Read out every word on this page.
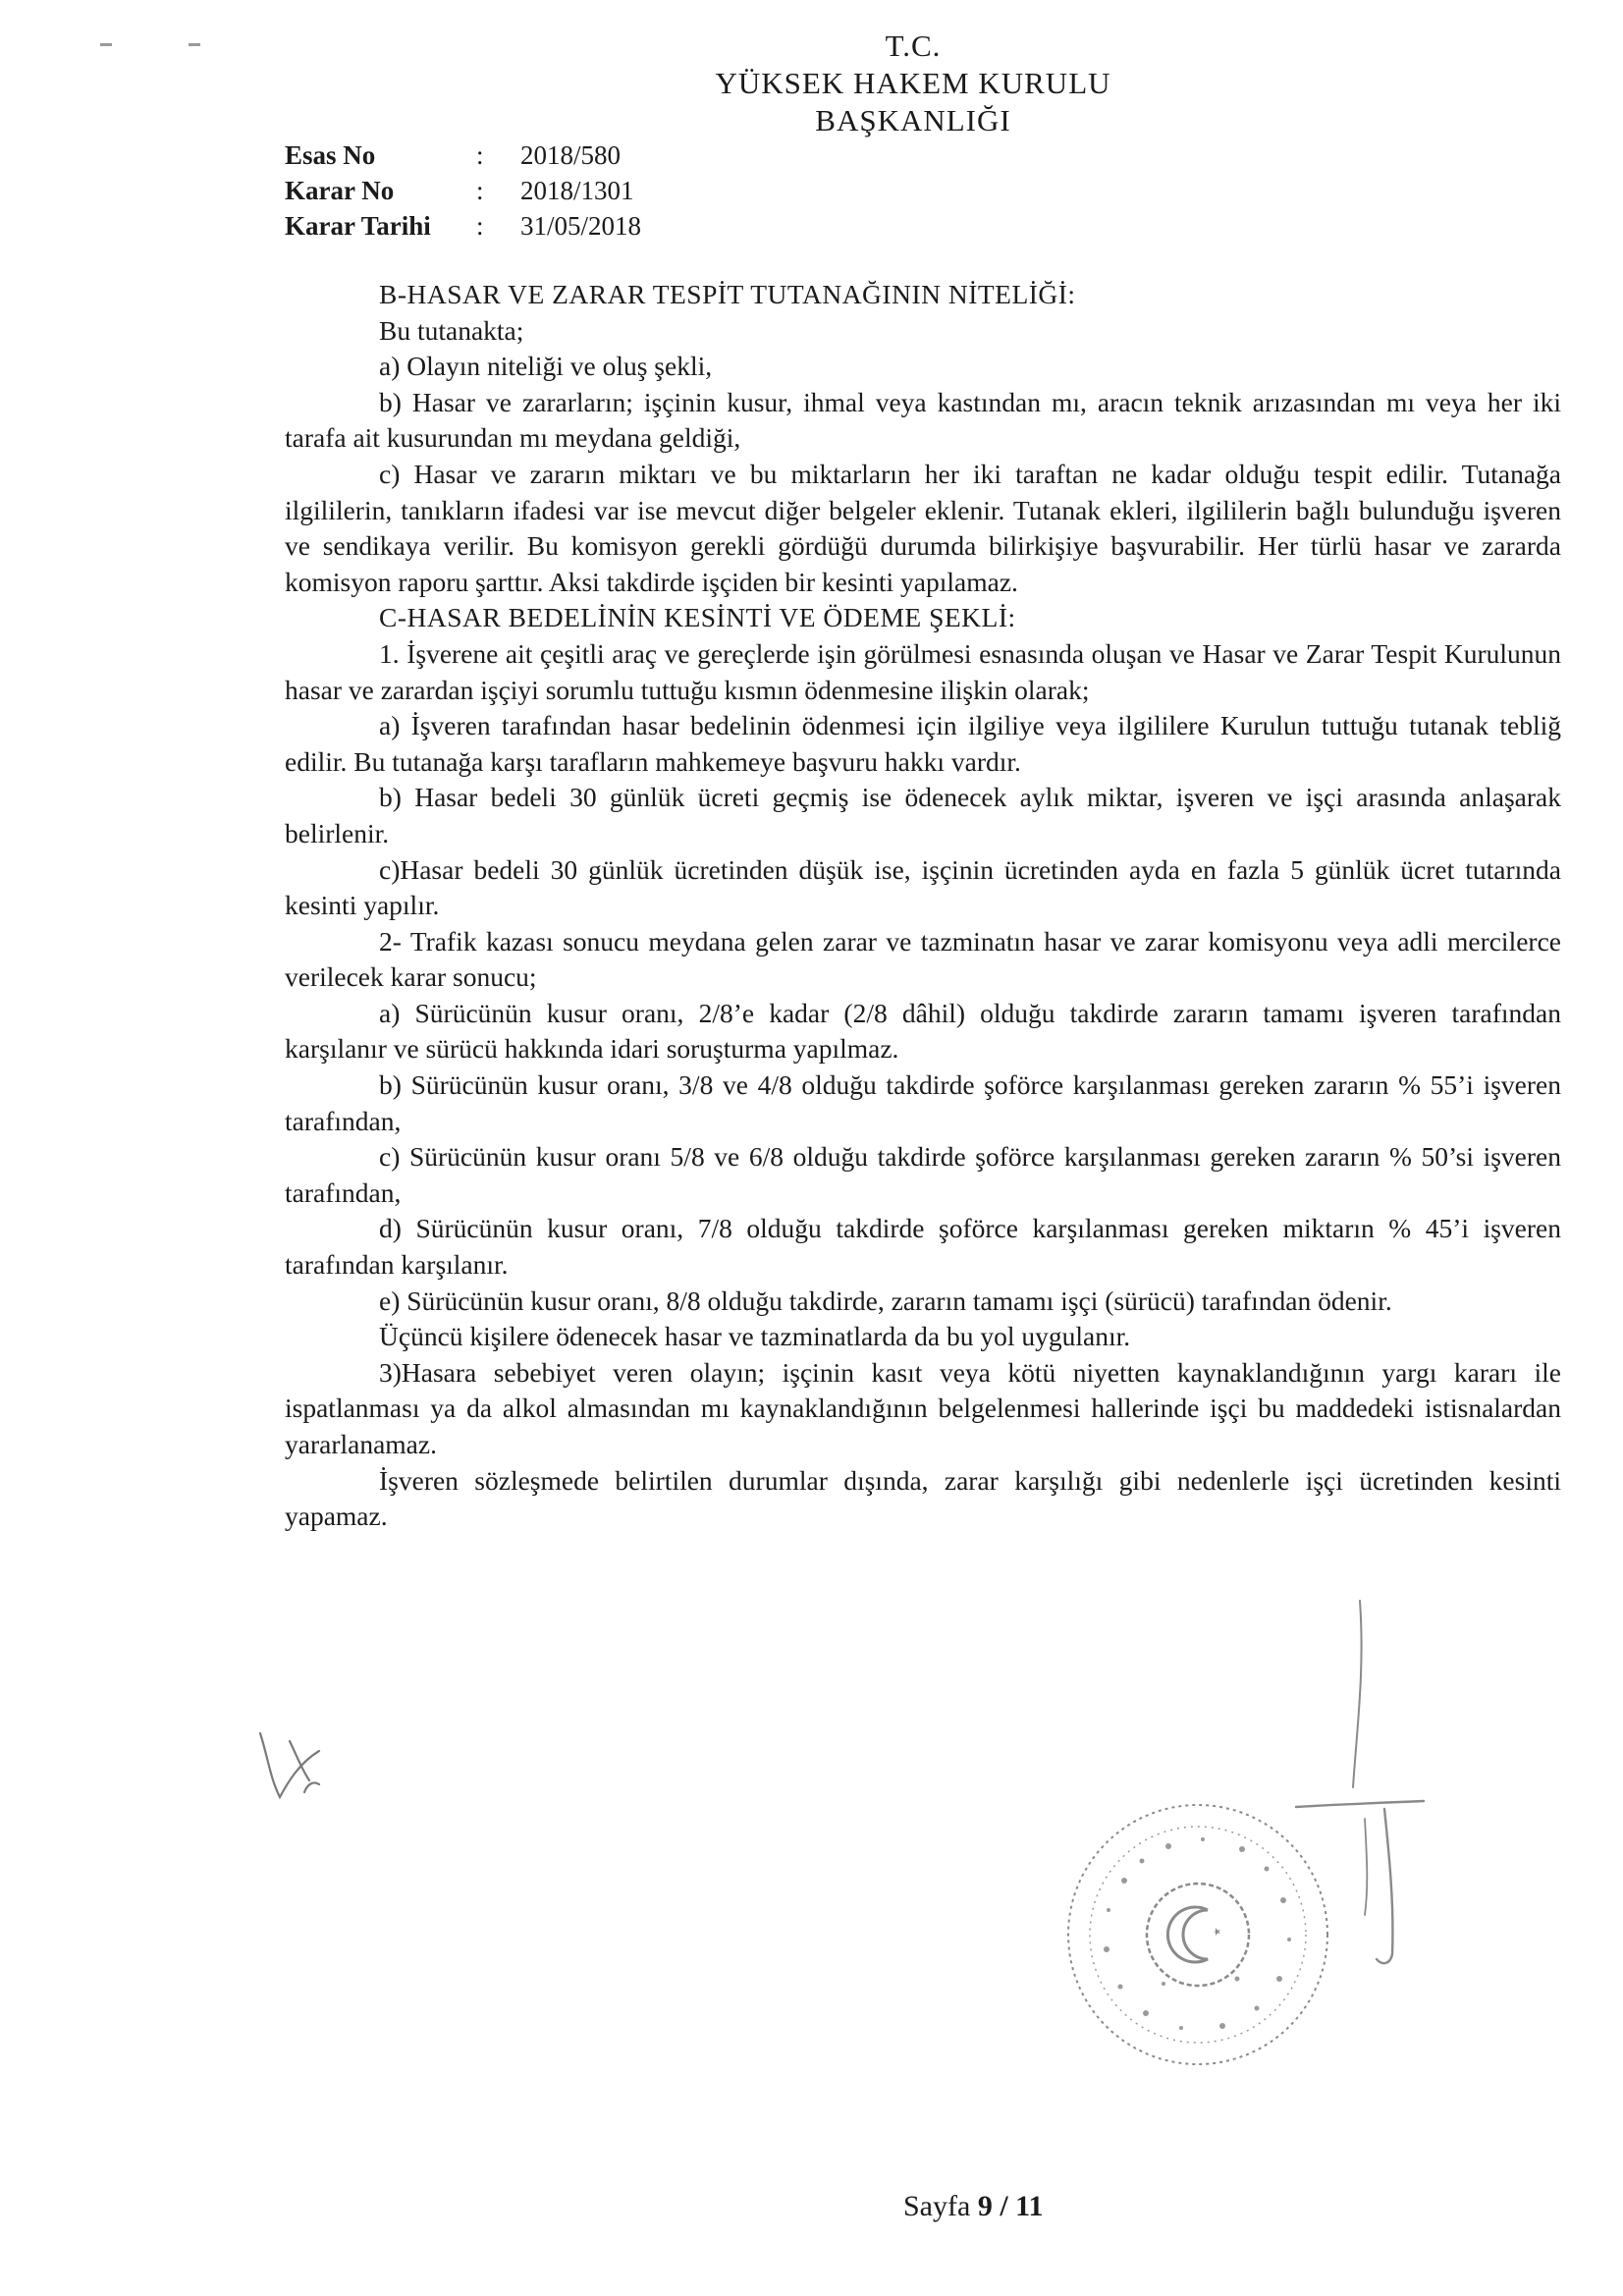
T.C.
YÜKSEK HAKEM KURULU
BAŞKANLIĞI
Esas No	:	2018/580
Karar No	:	2018/1301
Karar Tarihi	:	31/05/2018

B-HASAR VE ZARAR TESPİT TUTANAĞININ NİTELİĞİ:

Bu tutanakta;

a) Olayın niteliği ve oluş şekli,

b) Hasar ve zararların; işçinin kusur, ihmal veya kastından mı, aracın teknik arızasından mı veya her iki tarafa ait kusurundan mı meydana geldiği,

c) Hasar ve zararın miktarı ve bu miktarların her iki taraftan ne kadar olduğu tespit edilir. Tutanağa ilgililerin, tanıkların ifadesi var ise mevcut diğer belgeler eklenir. Tutanak ekleri, ilgililerin bağlı bulunduğu işveren ve sendikaya verilir. Bu komisyon gerekli gördüğü durumda bilirkişiye başvurabilir. Her türlü hasar ve zararda komisyon raporu şarttır. Aksi takdirde işçiden bir kesinti yapılamaz.

C-HASAR BEDELİNİN KESİNTİ VE ÖDEME ŞEKLİ:

1. İşverene ait çeşitli araç ve gereçlerde işin görülmesi esnasında oluşan ve Hasar ve Zarar Tespit Kurulunun hasar ve zarardan işçiyi sorumlu tuttuğu kısmın ödenmesine ilişkin olarak;

a) İşveren tarafından hasar bedelinin ödenmesi için ilgiliye veya ilgililere Kurulun tuttuğu tutanak tebliğ edilir. Bu tutanağa karşı tarafların mahkemeye başvuru hakkı vardır.

b) Hasar bedeli 30 günlük ücreti geçmiş ise ödenecek aylık miktar, işveren ve işçi arasında anlaşarak belirlenir.

c)Hasar bedeli 30 günlük ücretinden düşük ise, işçinin ücretinden ayda en fazla 5 günlük ücret tutarında kesinti yapılır.

2- Trafik kazası sonucu meydana gelen zarar ve tazminatın hasar ve zarar komisyonu veya adli mercilerce verilecek karar sonucu;

a) Sürücünün kusur oranı, 2/8’e kadar (2/8 dâhil) olduğu takdirde zararın tamamı işveren tarafından karşılanır ve sürücü hakkında idari soruşturma yapılmaz.

b) Sürücünün kusur oranı, 3/8 ve 4/8 olduğu takdirde şoförce karşılanması gereken zararın % 55’i işveren tarafından,

c) Sürücünün kusur oranı 5/8 ve 6/8 olduğu takdirde şoförce karşılanması gereken zararın % 50’si işveren tarafından,

d) Sürücünün kusur oranı, 7/8 olduğu takdirde şoförce karşılanması gereken miktarın % 45’i işveren tarafından karşılanır.

e) Sürücünün kusur oranı, 8/8 olduğu takdirde, zararın tamamı işçi (sürücü) tarafından ödenir.

Üçüncü kişilere ödenecek hasar ve tazminatlarda da bu yol uygulanır.

3)Hasara sebebiyet veren olayın; işçinin kasıt veya kötü niyetten kaynaklandığının yargı kararı ile ispatlanması ya da alkol almasından mı kaynaklandığının belgelenmesi hallerinde işçi bu maddedeki istisnalardan yararlanamaz.

İşveren sözleşmede belirtilen durumlar dışında, zarar karşılığı gibi nedenlerle işçi ücretinden kesinti yapamaz.

Sayfa 9 / 11
